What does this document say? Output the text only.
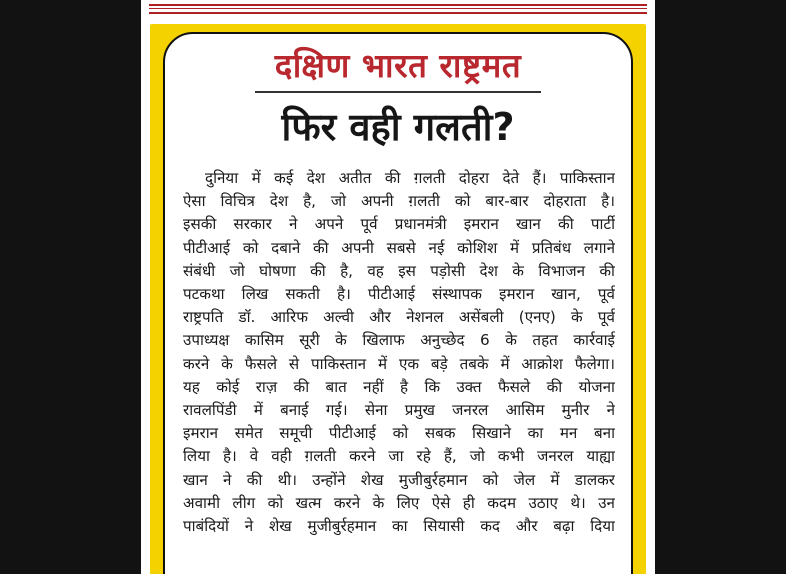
दक्षिण भारत राष्ट्रमत
फिर वही गलती?
दुनिया में कई देश अतीत की ग़लती दोहरा देते हैं। पाकिस्तान
ऐसा विचित्र देश है, जो अपनी ग़लती को बार-बार दोहराता है।
इसकी सरकार ने अपने पूर्व प्रधानमंत्री इमरान खान की पार्टी
पीटीआई को दबाने की अपनी सबसे नई कोशिश में प्रतिबंध लगाने
संबंधी जो घोषणा की है, वह इस पड़ोसी देश के विभाजन की
पटकथा लिख सकती है। पीटीआई संस्थापक इमरान खान, पूर्व
राष्ट्रपति डॉ. आरिफ अल्वी और नेशनल असेंबली (एनए) के पूर्व
उपाध्यक्ष कासिम सूरी के खिलाफ अनुच्छेद 6 के तहत कार्रवाई
करने के फैसले से पाकिस्तान में एक बड़े तबके में आक्रोश फैलेगा।
यह कोई राज़ की बात नहीं है कि उक्त फैसले की योजना
रावलपिंडी में बनाई गई। सेना प्रमुख जनरल आसिम मुनीर ने
इमरान समेत समूची पीटीआई को सबक सिखाने का मन बना
लिया है। वे वही ग़लती करने जा रहे हैं, जो कभी जनरल याह्या
खान ने की थी। उन्होंने शेख मुजीबुर्रहमान को जेल में डालकर
अवामी लीग को खत्म करने के लिए ऐसे ही कदम उठाए थे। उन
पाबंदियों ने शेख मुजीबुर्रहमान का सियासी कद और बढ़ा दिया
